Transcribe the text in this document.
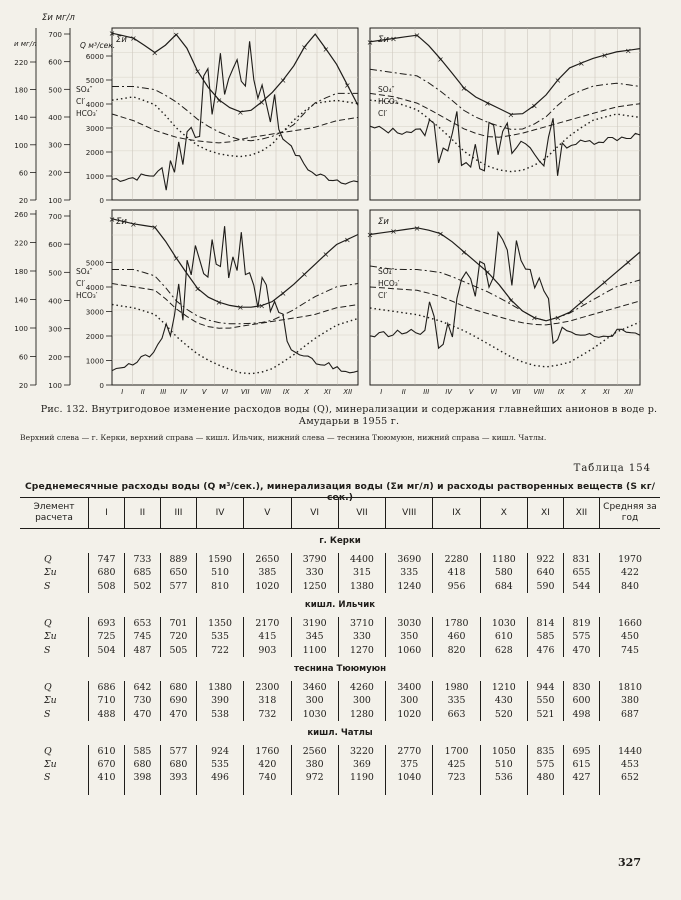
Σи мг/л
и мг/л	Q м³/сек.
220
180
140
100
60
20
700
600
500
400
300
200
100
6000
5000
4000
3000
2000
1000
0
260
220
180
140
100
60
20
700
600
500
400
300
200
100
5000
4000
3000
2000
1000
0
I	II III IV V VI VII VIII IX X XI XII	I	II	III IV V VI VII VIII IX X XI XII
×
×
×
×
×
×
×
×
×
× ×
×
Σи
SO₄″
Cl′
HCO₃′
× × ×
×
×
×
×
×
×
×
×
×
Σи
SO₄″
HCO₃′
Cl′
×
× ×
×
×
×
× ×
×
×
×
×
Σи
SO₄″
Cl′
HCO₃′
× × ×
×
×
×
×
× ×
×
×
×
Σи
SO₄″
HCO₃′
Cl′
Рис. 132. Внутригодовое изменение расходов воды (Q), минерализации и содержания главнейших анионов в воде р. Амударьи в 1955 г.
Верхний слева — г. Керки, верхний справа — кишл. Ильчик, нижний слева — теснина Тююмуюн, нижний справа — кишл. Чатлы.
Таблица 154
Среднемесячные расходы воды (Q м³/сек.), минерализация воды (Σи мг/л) и расходы растворенных веществ (S кг/сек.)
Элемент расчета	I	II	III	IV	V	VI	VII	VIII	IX	X	XI	XII	Средняя за год
г. Керки													
Q	747	733	889	1590	2650	3790	4400	3690	2280	1180	922	831	1970
Σи	680	685	650	510	385	330	315	335	418	580	640	655	422
S	508	502	577	810	1020	1250	1380	1240	956	684	590	544	840
кишл. Ильчик													
Q	693	653	701	1350	2170	3190	3710	3030	1780	1030	814	819	1660
Σи	725	745	720	535	415	345	330	350	460	610	585	575	450
S	504	487	505	722	903	1100	1270	1060	820	628	476	470	745
теснина Тююмуюн													
Q	686	642	680	1380	2300	3460	4260	3400	1980	1210	944	830	1810
Σи	710	730	690	390	318	300	300	300	335	430	550	600	380
S	488	470	470	538	732	1030	1280	1020	663	520	521	498	687
кишл. Чатлы													
Q	610	585	577	924	1760	2560	3220	2770	1700	1050	835	695	1440
Σи	670	680	680	535	420	380	369	375	425	510	575	615	453
S	410	398	393	496	740	972	1190	1040	723	536	480	427	652

327
